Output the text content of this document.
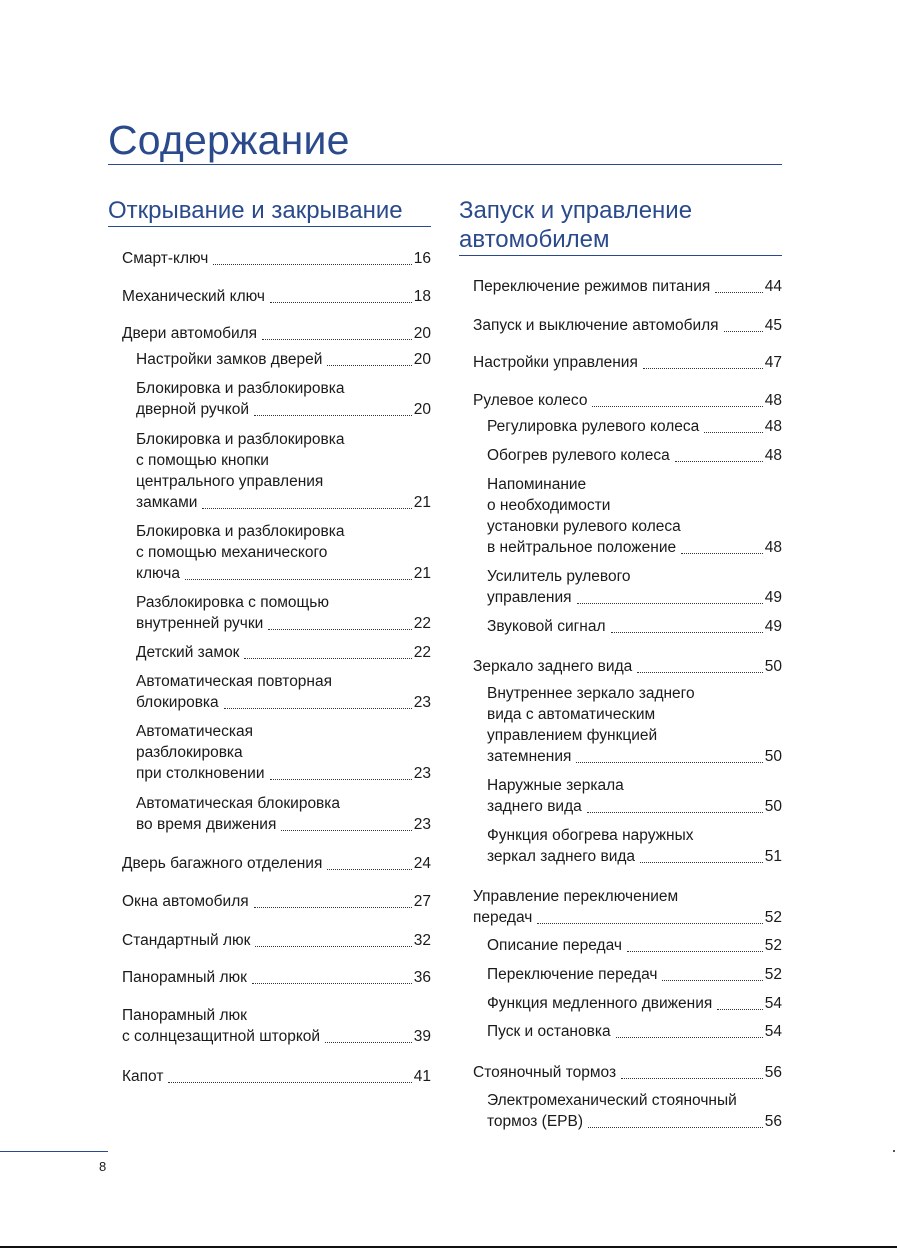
Содержание
Открывание и закрывание Запуск и управление
автомобилем
Смарт-ключ	16
Механический ключ	18
Двери автомобиля	20
Настройки замков дверей	20
Блокировка и разблокировка
дверной ручкой	20
Блокировка и разблокировка
с помощью кнопки
центрального управления
замками	21
Блокировка и разблокировка
с помощью механического
ключа	21
Разблокировка с помощью
внутренней ручки	22
Детский замок	22
Автоматическая повторная
блокировка	23
Автоматическая
разблокировка
при столкновении	23
Автоматическая блокировка
во время движения	23
Дверь багажного отделения	24
Окна автомобиля	27
Стандартный люк	32
Панорамный люк	36
Панорамный люк
с солнцезащитной шторкой	39
Капот	41
Переключение режимов питания	44
Запуск и выключение автомобиля	45
Настройки управления	47
Рулевое колесо	48
Регулировка рулевого колеса	48
Обогрев рулевого колеса	48
Напоминание
о необходимости
установки рулевого колеса
в нейтральное положение	48
Усилитель рулевого
управления	49
Звуковой сигнал	49
Зеркало заднего вида	50
Внутреннее зеркало заднего
вида с автоматическим
управлением функцией
затемнения	50
Наружные зеркала
заднего вида	50
Функция обогрева наружных
зеркал заднего вида	51
Управление переключением
передач	52
Описание передач	52
Переключение передач	52
Функция медленного движения	54
Пуск и остановка	54
Стояночный тормоз	56
Электромеханический стояночный
тормоз (EPB)	56
8
